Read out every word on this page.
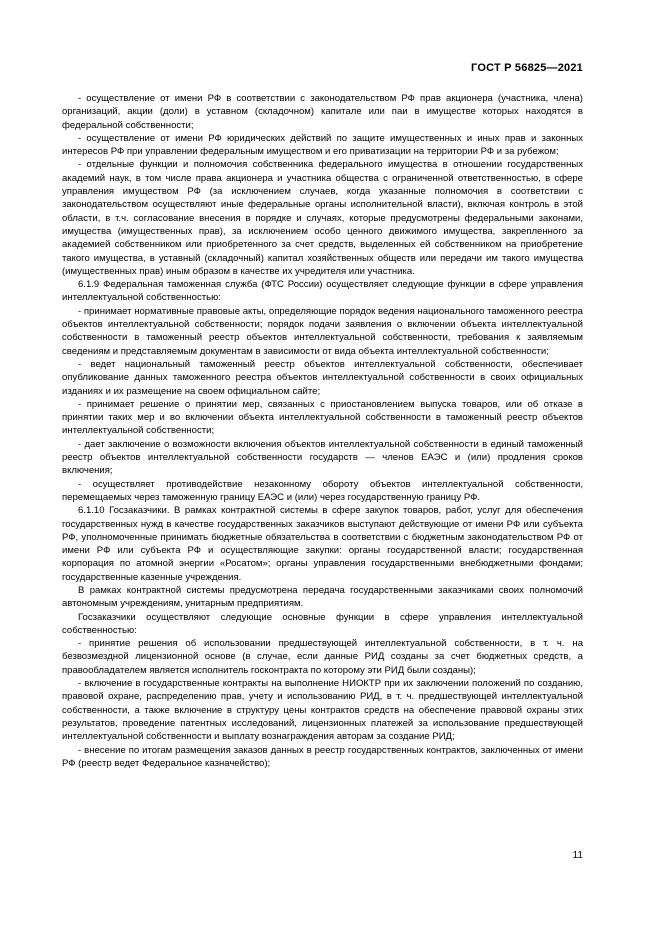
ГОСТ Р 56825—2021

- осуществление от имени РФ в соответствии с законодательством РФ прав акционера (участника, члена) организаций, акции (доли) в уставном (складочном) капитале или паи в имуществе которых находятся в федеральной собственности;

- осуществление от имени РФ юридических действий по защите имущественных и иных прав и законных интересов РФ при управлении федеральным имуществом и его приватизации на территории РФ и за рубежом;

- отдельные функции и полномочия собственника федерального имущества в отношении государственных академий наук, в том числе права акционера и участника общества с ограниченной ответственностью, в сфере управления имуществом РФ (за исключением случаев, когда указанные полномочия в соответствии с законодательством осуществляют иные федеральные органы исполнительной власти), включая контроль в этой области, в т.ч. согласование внесения в порядке и случаях, которые предусмотрены федеральными законами, имущества (имущественных прав), за исключением особо ценного движимого имущества, закрепленного за академией собственником или приобретенного за счет средств, выделенных ей собственником на приобретение такого имущества, в уставный (складочный) капитал хозяйственных обществ или передачи им такого имущества (имущественных прав) иным образом в качестве их учредителя или участника.

6.1.9 Федеральная таможенная служба (ФТС России) осуществляет следующие функции в сфере управления интеллектуальной собственностью:

- принимает нормативные правовые акты, определяющие порядок ведения национального таможенного реестра объектов интеллектуальной собственности; порядок подачи заявления о включении объекта интеллектуальной собственности в таможенный реестр объектов интеллектуальной собственности, требования к заявляемым сведениям и представляемым документам в зависимости от вида объекта интеллектуальной собственности;

- ведет национальный таможенный реестр объектов интеллектуальной собственности, обеспечивает опубликование данных таможенного реестра объектов интеллектуальной собственности в своих официальных изданиях и их размещение на своем официальном сайте;

- принимает решение о принятии мер, связанных с приостановлением выпуска товаров, или об отказе в принятии таких мер и во включении объекта интеллектуальной собственности в таможенный реестр объектов интеллектуальной собственности;

- дает заключение о возможности включения объектов интеллектуальной собственности в единый таможенный реестр объектов интеллектуальной собственности государств — членов ЕАЭС и (или) продления сроков включения;

- осуществляет противодействие незаконному обороту объектов интеллектуальной собственности, перемещаемых через таможенную границу ЕАЭС и (или) через государственную границу РФ.

6.1.10 Госзаказчики. В рамках контрактной системы в сфере закупок товаров, работ, услуг для обеспечения государственных нужд в качестве государственных заказчиков выступают действующие от имени РФ или субъекта РФ, уполномоченные принимать бюджетные обязательства в соответствии с бюджетным законодательством РФ от имени РФ или субъекта РФ и осуществляющие закупки: органы государственной власти; государственная корпорация по атомной энергии «Росатом»; органы управления государственными внебюджетными фондами; государственные казенные учреждения.

В рамках контрактной системы предусмотрена передача государственными заказчиками своих полномочий автономным учреждениям, унитарным предприятиям.

Госзаказчики осуществляют следующие основные функции в сфере управления интеллектуальной собственностью:

- принятие решения об использовании предшествующей интеллектуальной собственности, в т. ч. на безвозмездной лицензионной основе (в случае, если данные РИД созданы за счет бюджетных средств, а правообладателем является исполнитель госконтракта по которому эти РИД были созданы);

- включение в государственные контракты на выполнение НИОКТР при их заключении положений по созданию, правовой охране, распределению прав, учету и использованию РИД, в т. ч. предшествующей интеллектуальной собственности, а также включение в структуру цены контрактов средств на обеспечение правовой охраны этих результатов, проведение патентных исследований, лицензионных платежей за использование предшествующей интеллектуальной собственности и выплату вознаграждения авторам за создание РИД;

- внесение по итогам размещения заказов данных в реестр государственных контрактов, заключенных от имени РФ (реестр ведет Федеральное казначейство);

11
